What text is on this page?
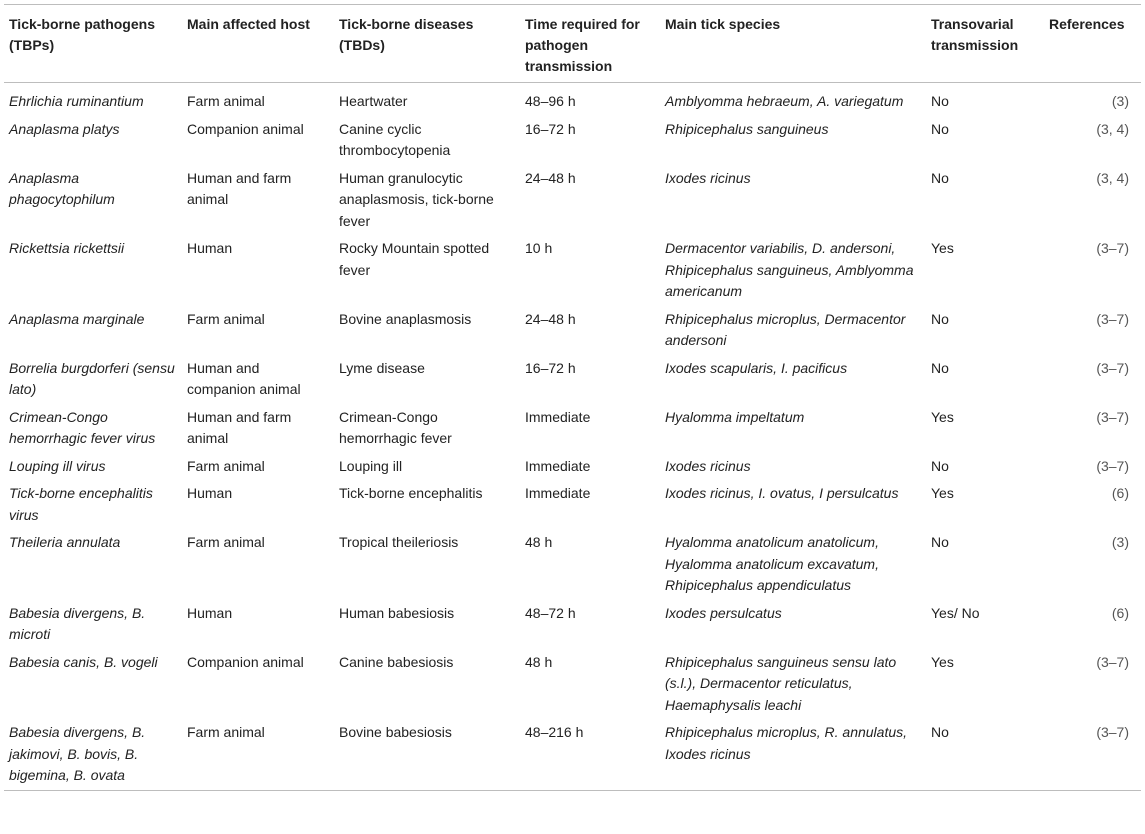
Tick-borne pathogens (TBPs)	Main affected host	Tick-borne diseases (TBDs)	Time required for pathogen transmission	Main tick species	Transovarial transmission	References
Ehrlichia ruminantium	Farm animal	Heartwater	48–96 h	Amblyomma hebraeum, A. variegatum	No	(3)
Anaplasma platys	Companion animal	Canine cyclic thrombocytopenia	16–72 h	Rhipicephalus sanguineus	No	(3, 4)
Anaplasma phagocytophilum	Human and farm animal	Human granulocytic anaplasmosis, tick-borne fever	24–48 h	Ixodes ricinus	No	(3, 4)
Rickettsia rickettsii	Human	Rocky Mountain spotted fever	10 h	Dermacentor variabilis, D. andersoni, Rhipicephalus sanguineus, Amblyomma americanum	Yes	(3–7)
Anaplasma marginale	Farm animal	Bovine anaplasmosis	24–48 h	Rhipicephalus microplus, Dermacentor andersoni	No	(3–7)
Borrelia burgdorferi (sensu lato)	Human and companion animal	Lyme disease	16–72 h	Ixodes scapularis, I. pacificus	No	(3–7)
Crimean-Congo hemorrhagic fever virus	Human and farm animal	Crimean-Congo hemorrhagic fever	Immediate	Hyalomma impeltatum	Yes	(3–7)
Louping ill virus	Farm animal	Louping ill	Immediate	Ixodes ricinus	No	(3–7)
Tick-borne encephalitis virus	Human	Tick-borne encephalitis	Immediate	Ixodes ricinus, I. ovatus, I persulcatus	Yes	(6)
Theileria annulata	Farm animal	Tropical theileriosis	48 h	Hyalomma anatolicum anatolicum, Hyalomma anatolicum excavatum, Rhipicephalus appendiculatus	No	(3)
Babesia divergens, B. microti	Human	Human babesiosis	48–72 h	Ixodes persulcatus	Yes/ No	(6)
Babesia canis, B. vogeli	Companion animal	Canine babesiosis	48 h	Rhipicephalus sanguineus sensu lato (s.l.), Dermacentor reticulatus, Haemaphysalis leachi	Yes	(3–7)
Babesia divergens, B. jakimovi, B. bovis, B. bigemina, B. ovata	Farm animal	Bovine babesiosis	48–216 h	Rhipicephalus microplus, R. annulatus, Ixodes ricinus	No	(3–7)
